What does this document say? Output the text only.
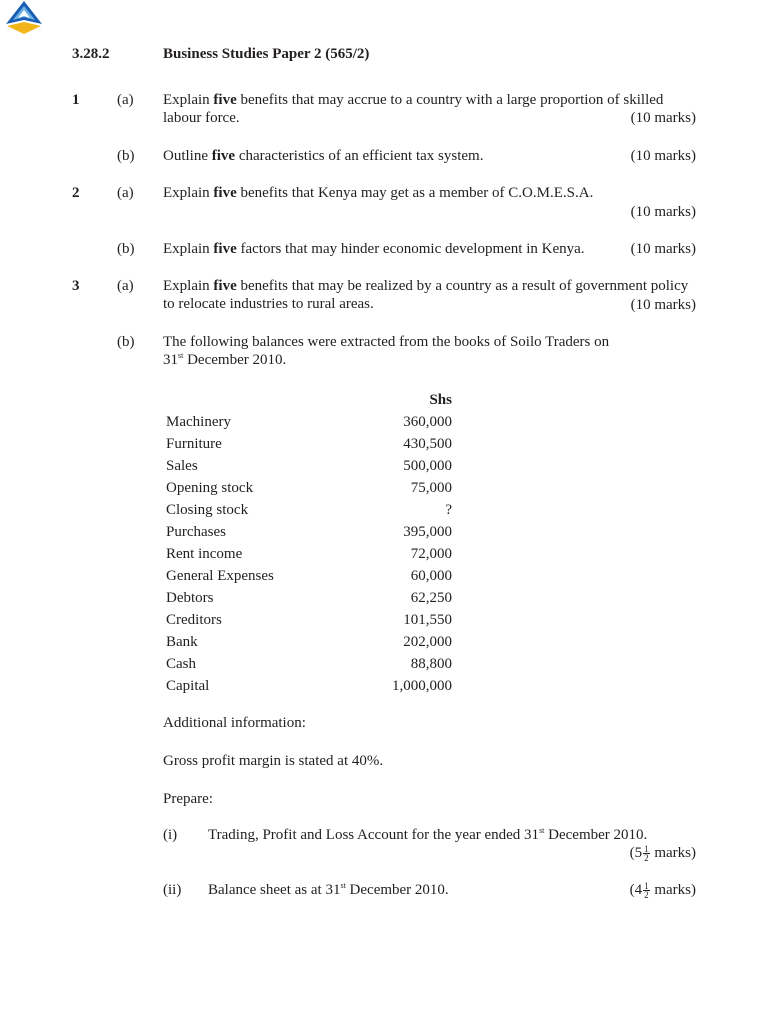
3.28.2	Business Studies Paper 2 (565/2)
1	(a) Explain five benefits that may accrue to a country with a large proportion of skilled
labour force.	(10 marks)
(b) Outline five characteristics of an efficient tax system.	(10 marks)
2	(a) Explain five benefits that Kenya may get as a member of C.O.M.E.S.A.
(10 marks)
(b) Explain five factors that may hinder economic development in Kenya.	(10 marks)
3	(a) Explain five benefits that may be realized by a country as a result of government policy
to relocate industries to rural areas.	(10 marks)
(b) The following balances were extracted from the books of Soilo Traders on
31st December 2010.
	Shs
Machinery	360,000
Furniture	430,500
Sales	500,000
Opening stock	75,000
Closing stock	?
Purchases	395,000
Rent income	72,000
General Expenses	60,000
Debtors	62,250
Creditors	101,550
Bank	202,000
Cash	88,800
Capital	1,000,000
Additional information:
Gross profit margin is stated at 40%.
Prepare:
(i) Trading, Profit and Loss Account for the year ended 31st December 2010.
($5 \frac{1}{2}$ marks)
(ii) Balance sheet as at 31st December 2010.	($4 \frac{1}{2}$ marks)
